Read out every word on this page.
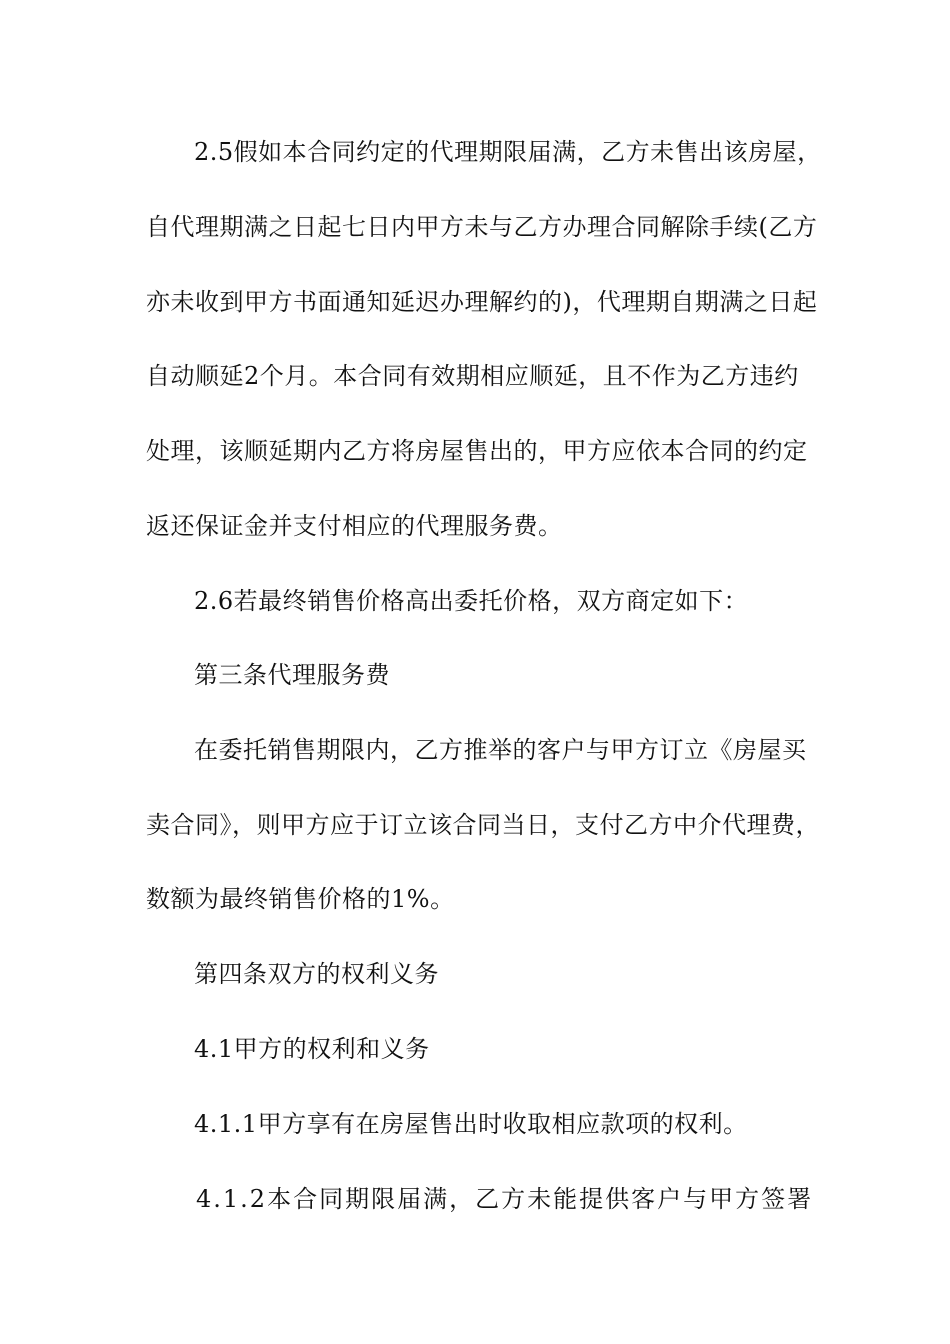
2.5假如本合同约定的代理期限届满，乙方未售出该房屋，
自代理期满之日起七日内甲方未与乙方办理合同解除手续(乙方
亦未收到甲方书面通知延迟办理解约的)，代理期自期满之日起
自动顺延2个月。本合同有效期相应顺延，且不作为乙方违约
处理，该顺延期内乙方将房屋售出的，甲方应依本合同的约定
返还保证金并支付相应的代理服务费。
2.6若最终销售价格高出委托价格，双方商定如下：
第三条代理服务费
在委托销售期限内，乙方推举的客户与甲方订立《房屋买
卖合同》，则甲方应于订立该合同当日，支付乙方中介代理费，
数额为最终销售价格的1%。
第四条双方的权利义务
4.1甲方的权利和义务
4.1.1甲方享有在房屋售出时收取相应款项的权利。
4.1.2本合同期限届满，乙方未能提供客户与甲方签署
